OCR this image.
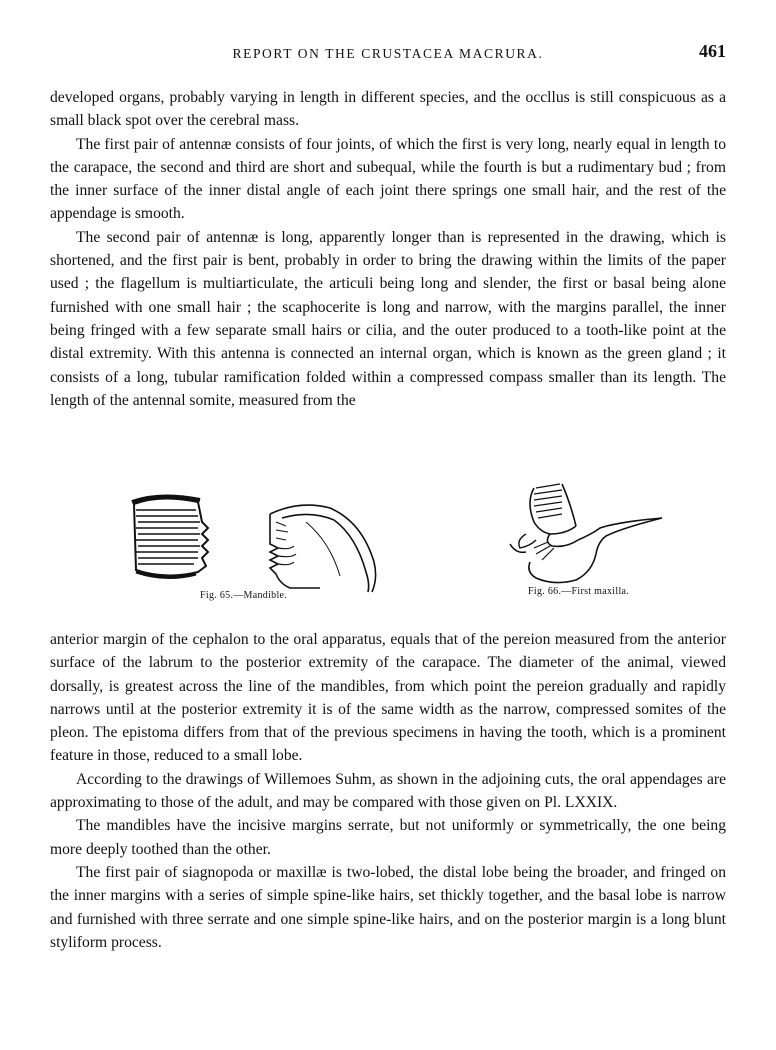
REPORT ON THE CRUSTACEA MACRURA.	461

developed organs, probably varying in length in different species, and the occllus is still conspicuous as a small black spot over the cerebral mass.

The first pair of antennæ consists of four joints, of which the first is very long, nearly equal in length to the carapace, the second and third are short and subequal, while the fourth is but a rudimentary bud ; from the inner surface of the inner distal angle of each joint there springs one small hair, and the rest of the appendage is smooth.

The second pair of antennæ is long, apparently longer than is represented in the drawing, which is shortened, and the first pair is bent, probably in order to bring the drawing within the limits of the paper used ; the flagellum is multiarticulate, the articuli being long and slender, the first or basal being alone furnished with one small hair ; the scaphocerite is long and narrow, with the margins parallel, the inner being fringed with a few separate small hairs or cilia, and the outer produced to a tooth-like point at the distal extremity. With this antenna is connected an internal organ, which is known as the green gland ; it consists of a long, tubular ramification folded within a compressed compass smaller than its length. The length of the antennal somite, measured from the

Fig. 65.—Mandible.	Fig. 66.—First maxilla.

anterior margin of the cephalon to the oral apparatus, equals that of the pereion measured from the anterior surface of the labrum to the posterior extremity of the carapace. The diameter of the animal, viewed dorsally, is greatest across the line of the mandibles, from which point the pereion gradually and rapidly narrows until at the posterior extremity it is of the same width as the narrow, compressed somites of the pleon. The epistoma differs from that of the previous specimens in having the tooth, which is a prominent feature in those, reduced to a small lobe.

According to the drawings of Willemoes Suhm, as shown in the adjoining cuts, the oral appendages are approximating to those of the adult, and may be compared with those given on Pl. LXXIX.

The mandibles have the incisive margins serrate, but not uniformly or symmetrically, the one being more deeply toothed than the other.

The first pair of siagnopoda or maxillæ is two-lobed, the distal lobe being the broader, and fringed on the inner margins with a series of simple spine-like hairs, set thickly together, and the basal lobe is narrow and furnished with three serrate and one simple spine-like hairs, and on the posterior margin is a long blunt styliform process.
